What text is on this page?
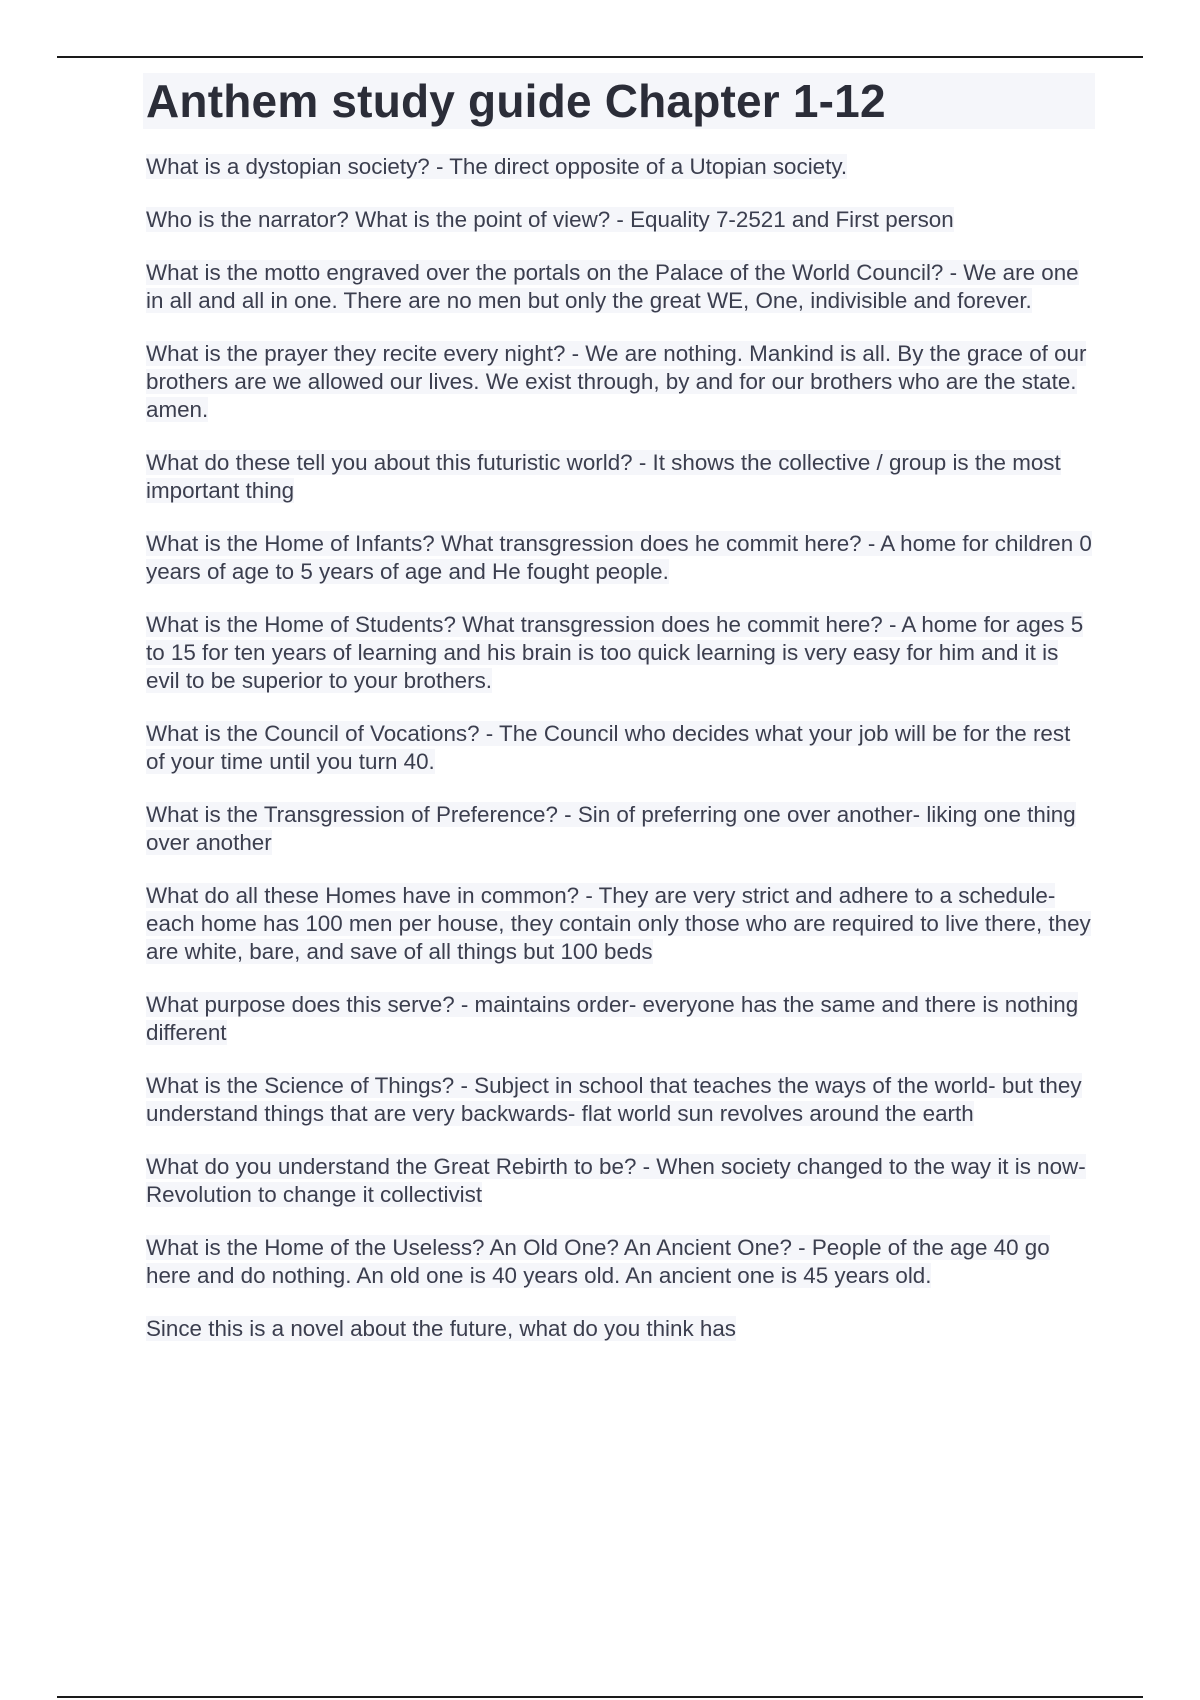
Anthem study guide Chapter 1-12

What is a dystopian society? - The direct opposite of a Utopian society.

Who is the narrator? What is the point of view? - Equality 7-2521 and First person

What is the motto engraved over the portals on the Palace of the World Council? - We are one in all and all in one. There are no men but only the great WE, One, indivisible and forever.

What is the prayer they recite every night? - We are nothing. Mankind is all. By the grace of our brothers are we allowed our lives. We exist through, by and for our brothers who are the state. amen.

What do these tell you about this futuristic world? - It shows the collective / group is the most important thing

What is the Home of Infants? What transgression does he commit here? - A home for children 0 years of age to 5 years of age and He fought people.

What is the Home of Students? What transgression does he commit here? - A home for ages 5 to 15 for ten years of learning and his brain is too quick learning is very easy for him and it is evil to be superior to your brothers.

What is the Council of Vocations? - The Council who decides what your job will be for the rest of your time until you turn 40.

What is the Transgression of Preference? - Sin of preferring one over another- liking one thing over another

What do all these Homes have in common? - They are very strict and adhere to a schedule- each home has 100 men per house, they contain only those who are required to live there, they are white, bare, and save of all things but 100 beds

What purpose does this serve? - maintains order- everyone has the same and there is nothing different

What is the Science of Things? - Subject in school that teaches the ways of the world- but they understand things that are very backwards- flat world sun revolves around the earth

What do you understand the Great Rebirth to be? - When society changed to the way it is now- Revolution to change it collectivist

What is the Home of the Useless? An Old One? An Ancient One? - People of the age 40 go here and do nothing. An old one is 40 years old. An ancient one is 45 years old.

Since this is a novel about the future, what do you think has
